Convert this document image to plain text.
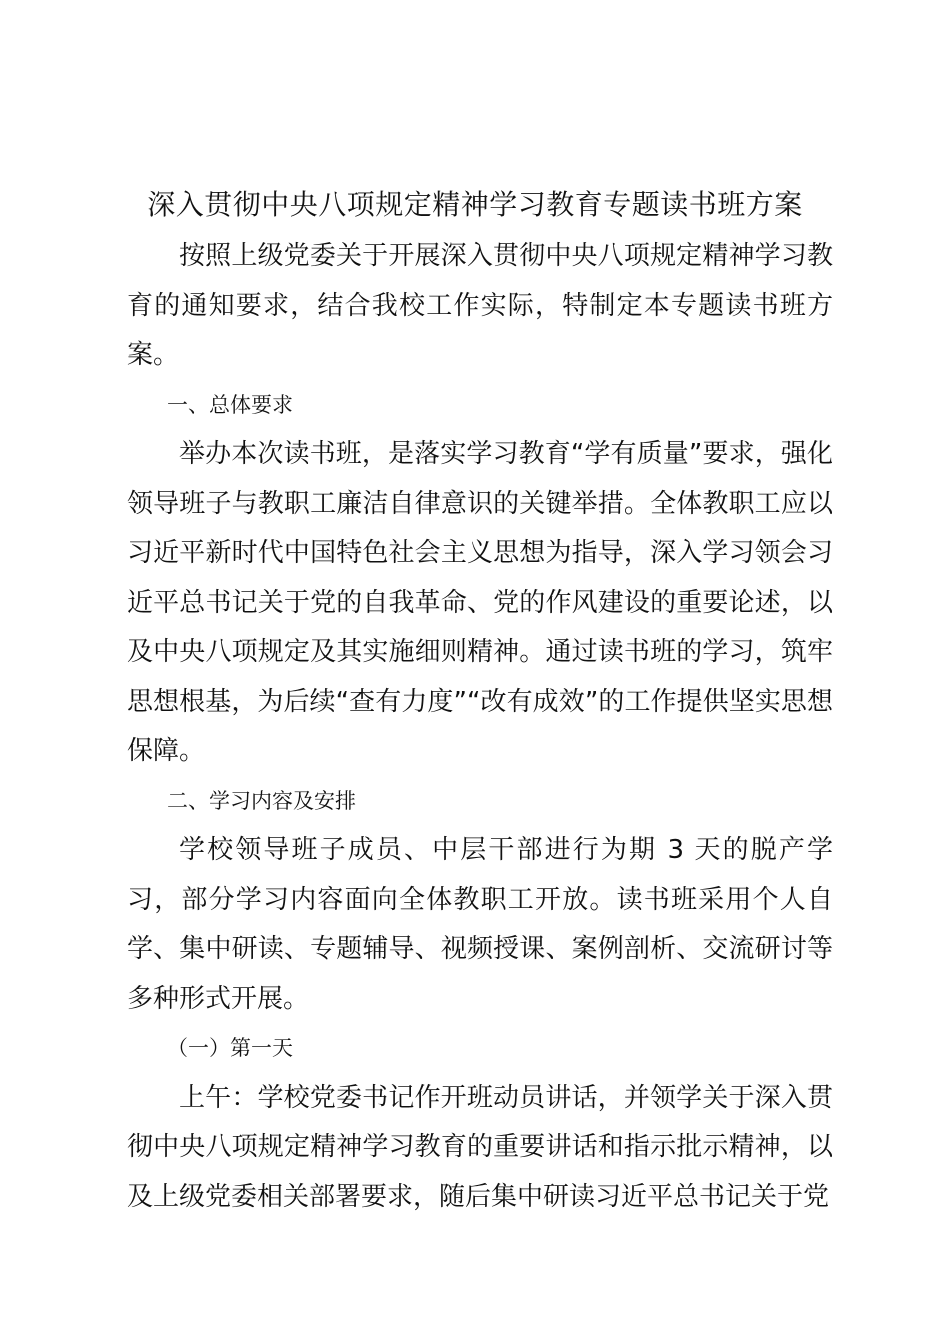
深入贯彻中央八项规定精神学习教育专题读书班方案

按照上级党委关于开展深入贯彻中央八项规定精神学习教育的通知要求，结合我校工作实际，特制定本专题读书班方案。

一、总体要求

举办本次读书班，是落实学习教育“学有质量”要求，强化领导班子与教职工廉洁自律意识的关键举措。全体教职工应以习近平新时代中国特色社会主义思想为指导，深入学习领会习近平总书记关于党的自我革命、党的作风建设的重要论述，以及中央八项规定及其实施细则精神。通过读书班的学习，筑牢思想根基，为后续“查有力度”“改有成效”的工作提供坚实思想保障。

二、学习内容及安排

学校领导班子成员、中层干部进行为期 3 天的脱产学习，部分学习内容面向全体教职工开放。读书班采用个人自学、集中研读、专题辅导、视频授课、案例剖析、交流研讨等多种形式开展。

（一）第一天

上午：学校党委书记作开班动员讲话，并领学关于深入贯彻中央八项规定精神学习教育的重要讲话和指示批示精神，以及上级党委相关部署要求，随后集中研读习近平总书记关于党
